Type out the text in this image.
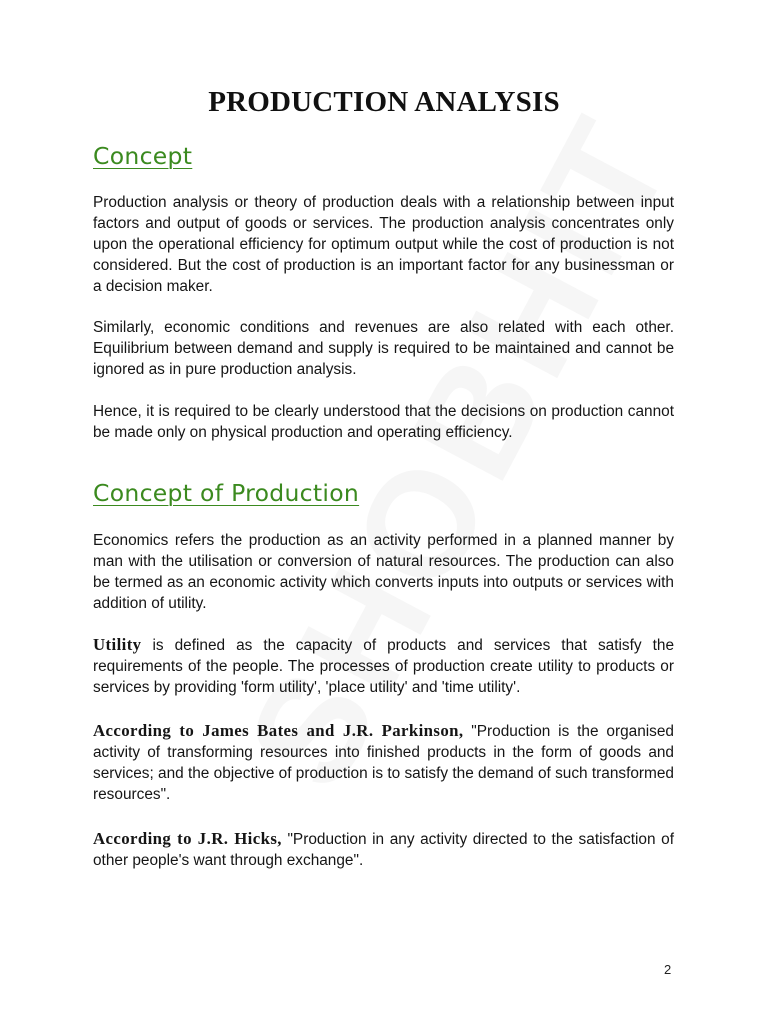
PRODUCTION ANALYSIS
Concept

Production analysis or theory of production deals with a relationship between input factors and output of goods or services. The production analysis concentrates only upon the operational efficiency for optimum output while the cost of production is not considered. But the cost of production is an important factor for any businessman or a decision maker.

Similarly, economic conditions and revenues are also related with each other. Equilibrium between demand and supply is required to be maintained and cannot be ignored as in pure production analysis.

Hence, it is required to be clearly understood that the decisions on production cannot be made only on physical production and operating efficiency.

Concept of Production

Economics refers the production as an activity performed in a planned manner by man with the utilisation or conversion of natural resources. The production can also be termed as an economic activity which converts inputs into outputs or services with addition of utility.

Utility is defined as the capacity of products and services that satisfy the requirements of the people. The processes of production create utility to products or services by providing 'form utility', 'place utility' and 'time utility'.

According to James Bates and J.R. Parkinson, "Production is the organised activity of transforming resources into finished products in the form of goods and services; and the objective of production is to satisfy the demand of such transformed resources".

According to J.R. Hicks, "Production in any activity directed to the satisfaction of other people's want through exchange".

2
